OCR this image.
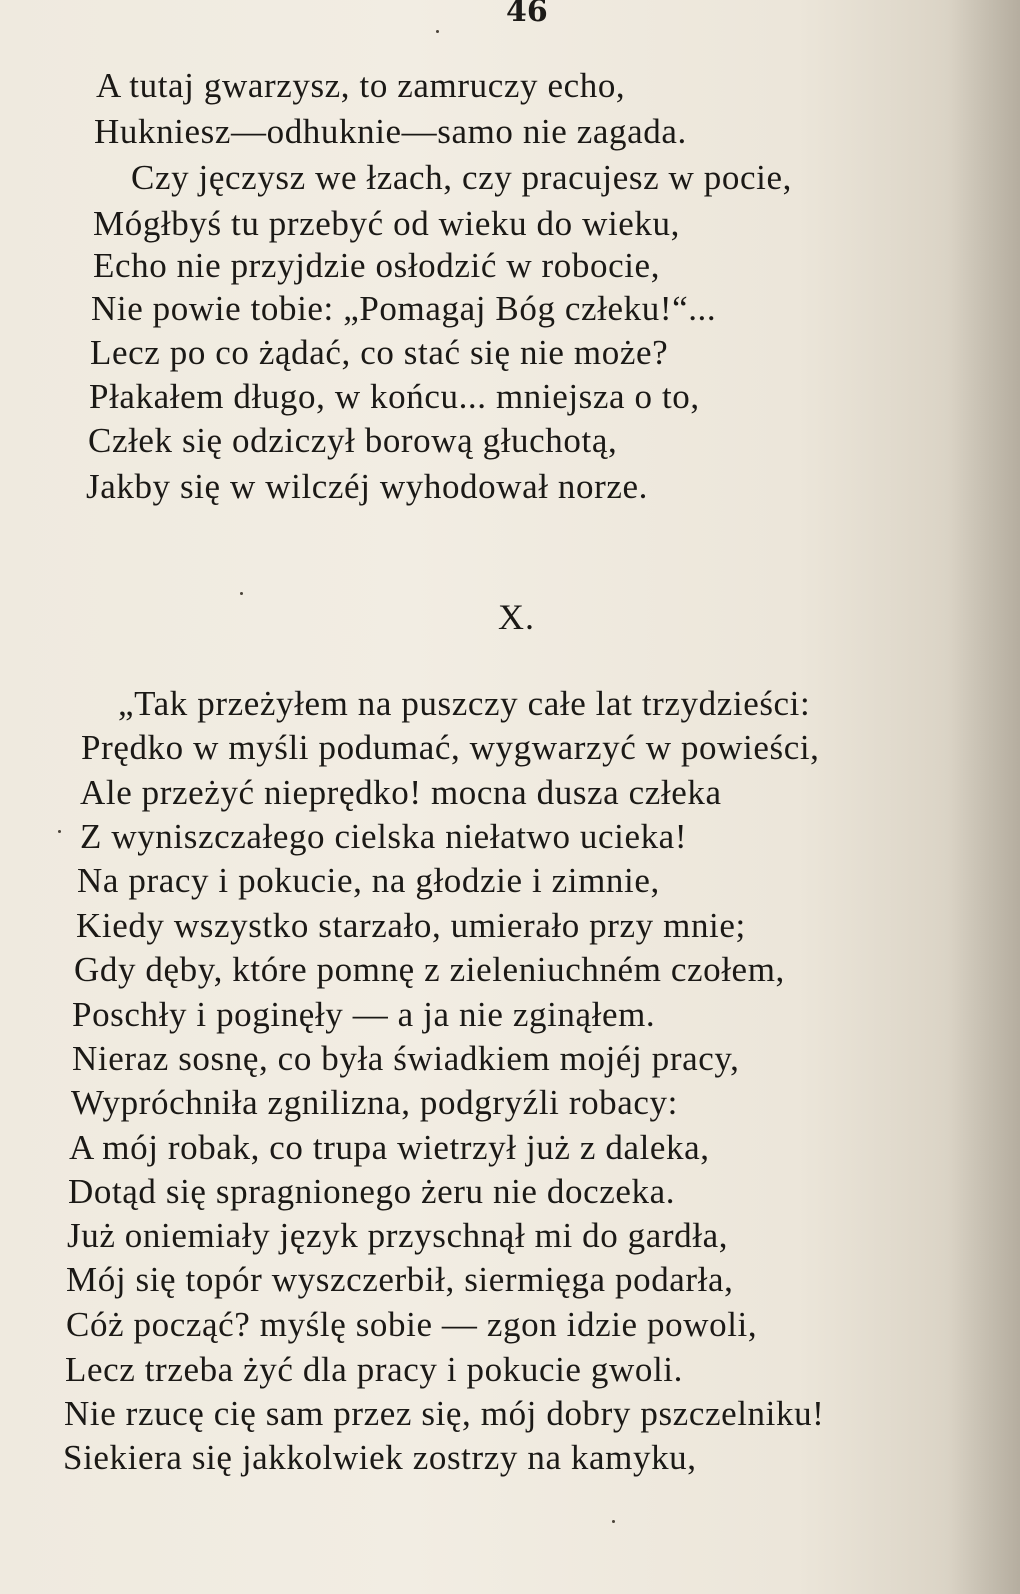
46
A tutaj gwarzysz, to zamruczy echo,
Hukniesz—odhuknie—samo nie zagada.
Czy jęczysz we łzach, czy pracujesz w pocie,
Mógłbyś tu przebyć od wieku do wieku,
Echo nie przyjdzie osłodzić w robocie,
Nie powie tobie: „Pomagaj Bóg człeku!“...
Lecz po co żądać, co stać się nie może?
Płakałem długo, w końcu... mniejsza o to,
Człek się odziczył borową głuchotą,
Jakby się w wilczéj wyhodował norze.
X.
„Tak przeżyłem na puszczy całe lat trzydzieści:
Prędko w myśli podumać, wygwarzyć w powieści,
Ale przeżyć nieprędko! mocna dusza człeka
Z wyniszczałego cielska niełatwo ucieka!
Na pracy i pokucie, na głodzie i zimnie,
Kiedy wszystko starzało, umierało przy mnie;
Gdy dęby, które pomnę z zieleniuchném czołem,
Poschły i poginęły — a ja nie zginąłem.
Nieraz sosnę, co była świadkiem mojéj pracy,
Wypróchniła zgnilizna, podgryźli robacy:
A mój robak, co trupa wietrzył już z daleka,
Dotąd się spragnionego żeru nie doczeka.
Już oniemiały język przyschnął mi do gardła,
Mój się topór wyszczerbił, siermięga podarła,
Cóż począć? myślę sobie — zgon idzie powoli,
Lecz trzeba żyć dla pracy i pokucie gwoli.
Nie rzucę cię sam przez się, mój dobry pszczelniku!
Siekiera się jakkolwiek zostrzy na kamyku,
